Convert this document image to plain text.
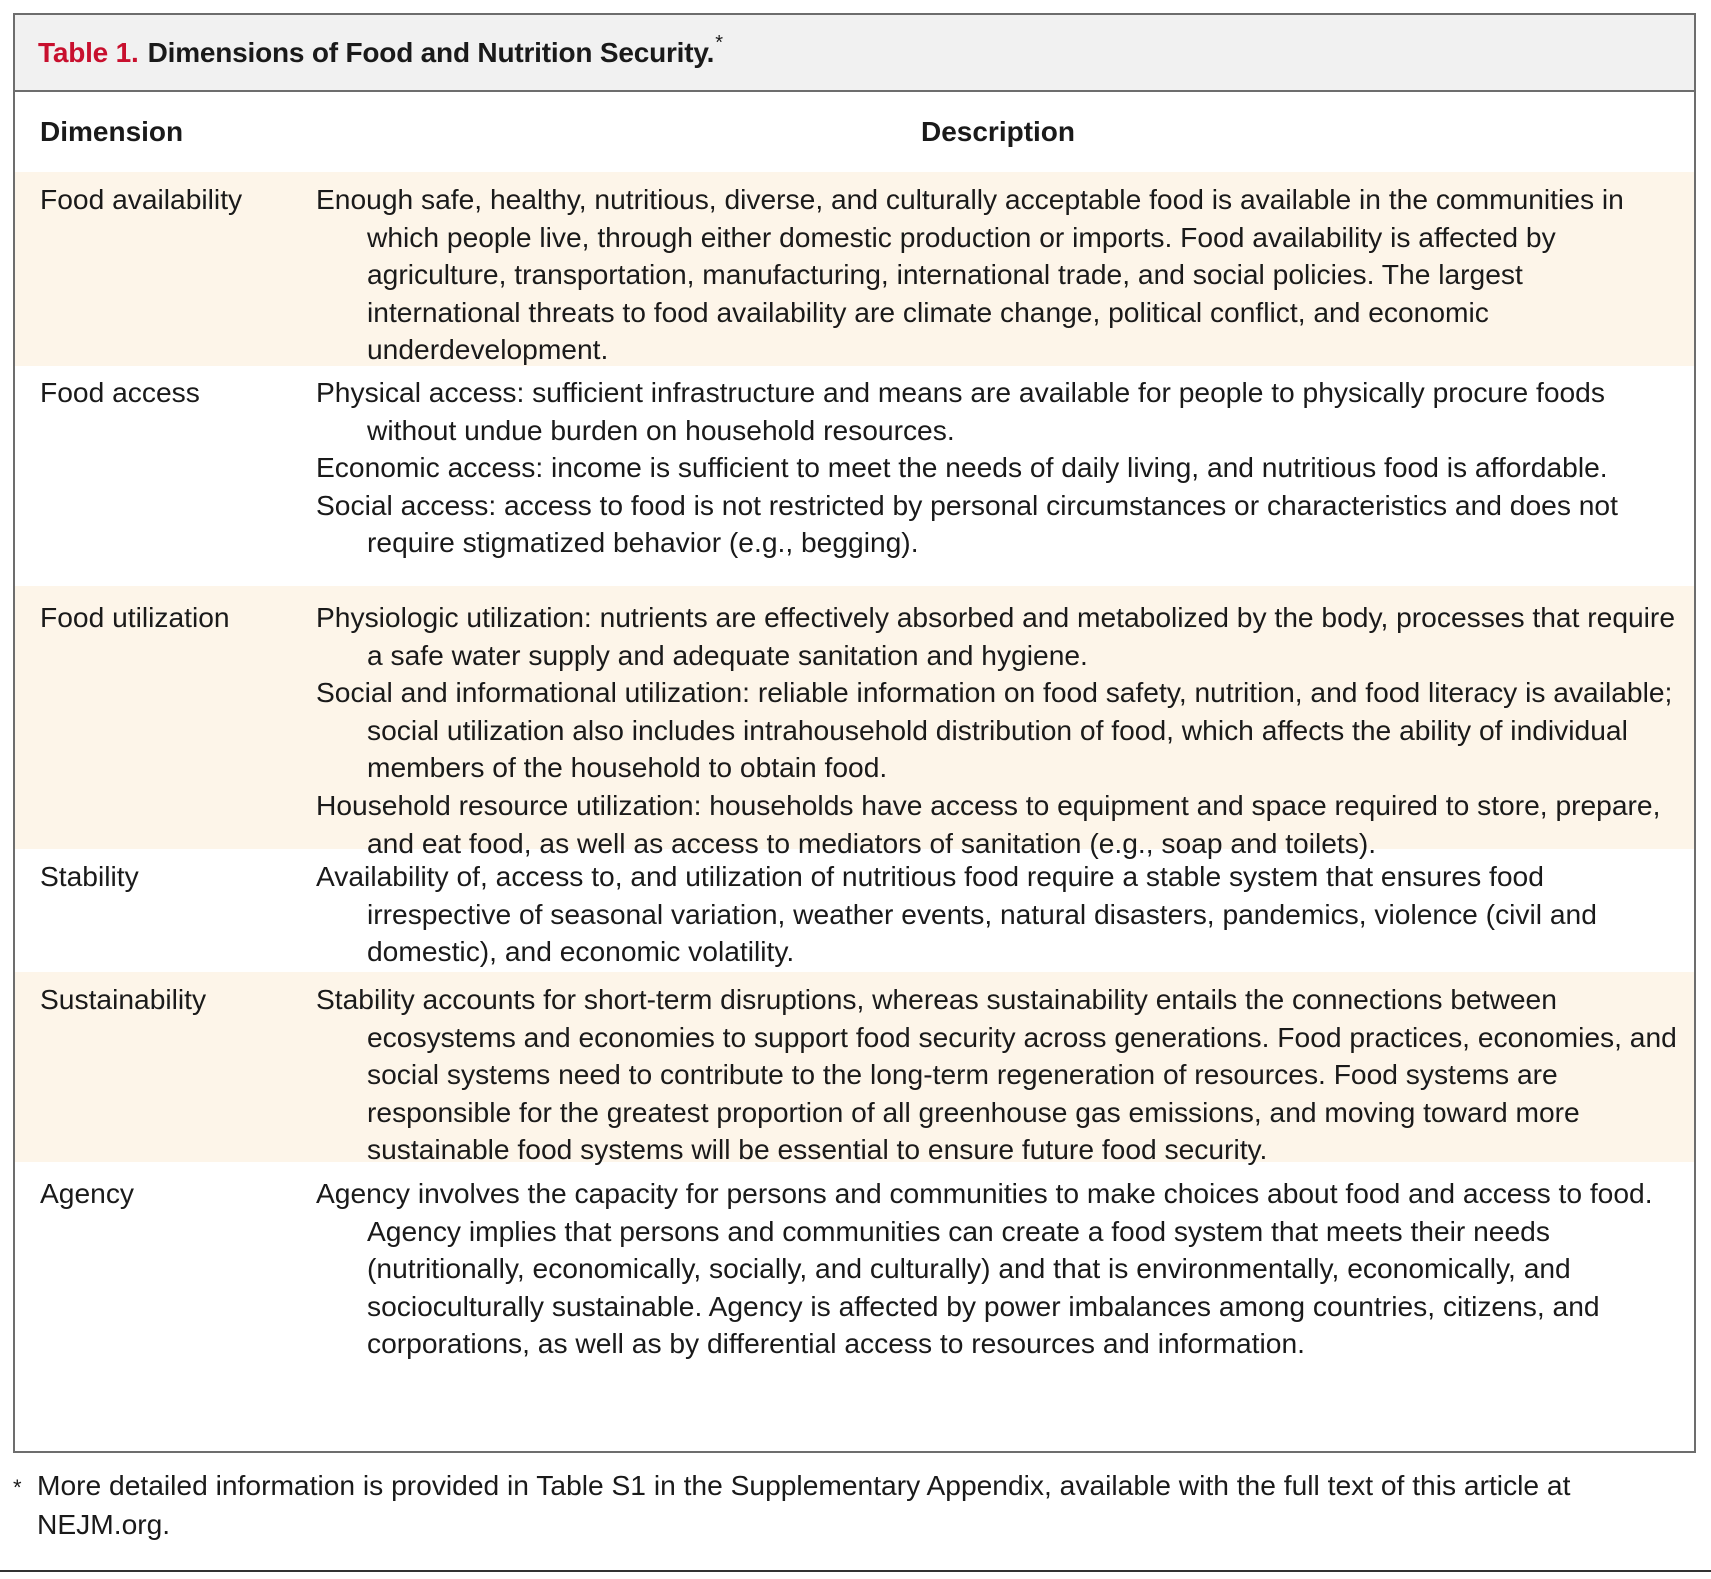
Table 1. Dimensions of Food and Nutrition Security. *
Dimension	Description
Food availability	Enough safe, healthy, nutritious, diverse, and culturally acceptable food is available in the communities in which people live, through either domestic production or imports. Food availability is affected by agriculture, transportation, manufacturing, international trade, and social policies. The largest international threats to food availability are climate change, political conflict, and economic underdevelopment.

Food access	Physical access: sufficient infrastructure and means are available for people to physically procure foods without undue burden on household resources.

Economic access: income is sufficient to meet the needs of daily living, and nutritious food is affordable.

Social access: access to food is not restricted by personal circumstances or characteristics and does not require stigmatized behavior (e.g., begging).

Food utilization	Physiologic utilization: nutrients are effectively absorbed and metabolized by the body, processes that require a safe water supply and adequate sanitation and hygiene.

Social and informational utilization: reliable information on food safety, nutrition, and food literacy is available; social utilization also includes intrahousehold distribution of food, which affects the ability of individual members of the household to obtain food.

Household resource utilization: households have access to equipment and space required to store, prepare, and eat food, as well as access to mediators of sanitation (e.g., soap and toilets).

Stability	Availability of, access to, and utilization of nutritious food require a stable system that ensures food irrespective of seasonal variation, weather events, natural disasters, pandemics, violence (civil and domestic), and economic volatility.

Sustainability	Stability accounts for short-term disruptions, whereas sustainability entails the connections between ecosystems and economies to support food security across generations. Food practices, economies, and social systems need to contribute to the long-term regeneration of resources. Food systems are responsible for the greatest proportion of all greenhouse gas emissions, and moving toward more sustainable food systems will be essential to ensure future food security.

Agency	Agency involves the capacity for persons and communities to make choices about food and access to food. Agency implies that persons and communities can create a food system that meets their needs (nutritionally, economically, socially, and culturally) and that is environmentally, economically, and socioculturally sustainable. Agency is affected by power imbalances among countries, citizens, and corporations, as well as by differential access to resources and information.

* More detailed information is provided in Table S1 in the Supplementary Appendix, available with the full text of this article at NEJM.org.
